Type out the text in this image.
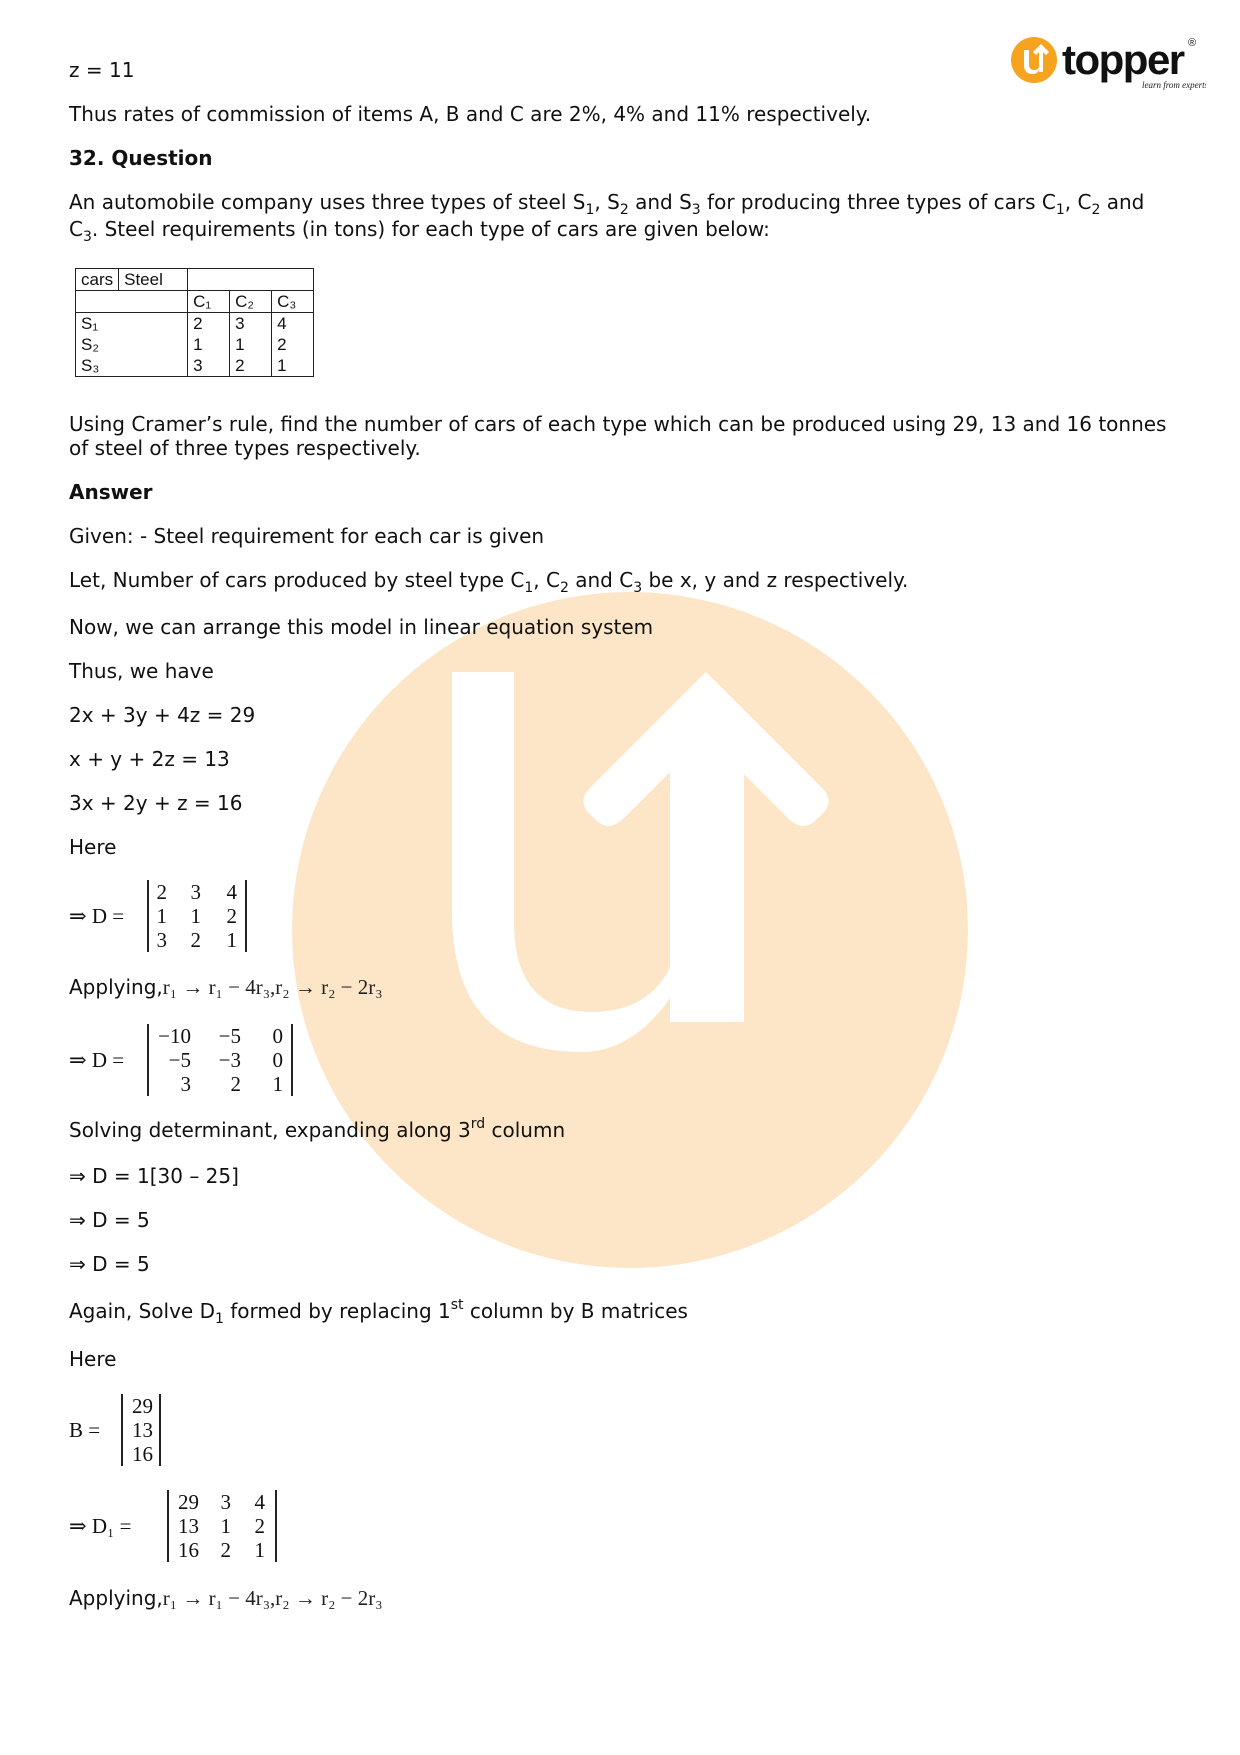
topper ®
learn from experts
z = 11
Thus rates of commission of items A, B and C are 2%, 4% and 11% respectively.
32. Question
An automobile company uses three types of steel $S_1$, $S_2$ and $S_3$ for producing three types of cars $C_1$, $C_2$ and
$C_3$. Steel requirements (in tons) for each type of cars are given below:
cars	Steel			
		C₁	C₂	C₃
S₁		2	3	4
S₂		1	1	2
S₃		3	2	1
Using Cramer’s rule, find the number of cars of each type which can be produced using 29, 13 and 16 tonnes
of steel of three types respectively.
Answer
Given: - Steel requirement for each car is given
Let, Number of cars produced by steel type $C_1$, $C_2$ and $C_3$ be x, y and z respectively.
Now, we can arrange this model in linear equation system
Thus, we have
2x + 3y + 4z = 29
x + y + 2z = 13
3x + 2y + z = 16
Here
⇒ D =
2	3	4
1	1	2
3	2	1
Applying,r₁ → r₁ − 4r₃,r₂ → r₂ − 2r₃
⇒ D =
−10	−5	0
−5	−3	0
3	2	1
Solving determinant, expanding along 3rd column
⇒ D = 1[30 – 25]
⇒ D = 5
⇒ D = 5
Again, Solve $D_1$ formed by replacing 1st column by B matrices
Here
B =
29
13
16
⇒ D₁ =
29	3	4
13	1	2
16	2	1
Applying,r₁ → r₁ − 4r₃,r₂ → r₂ − 2r₃
